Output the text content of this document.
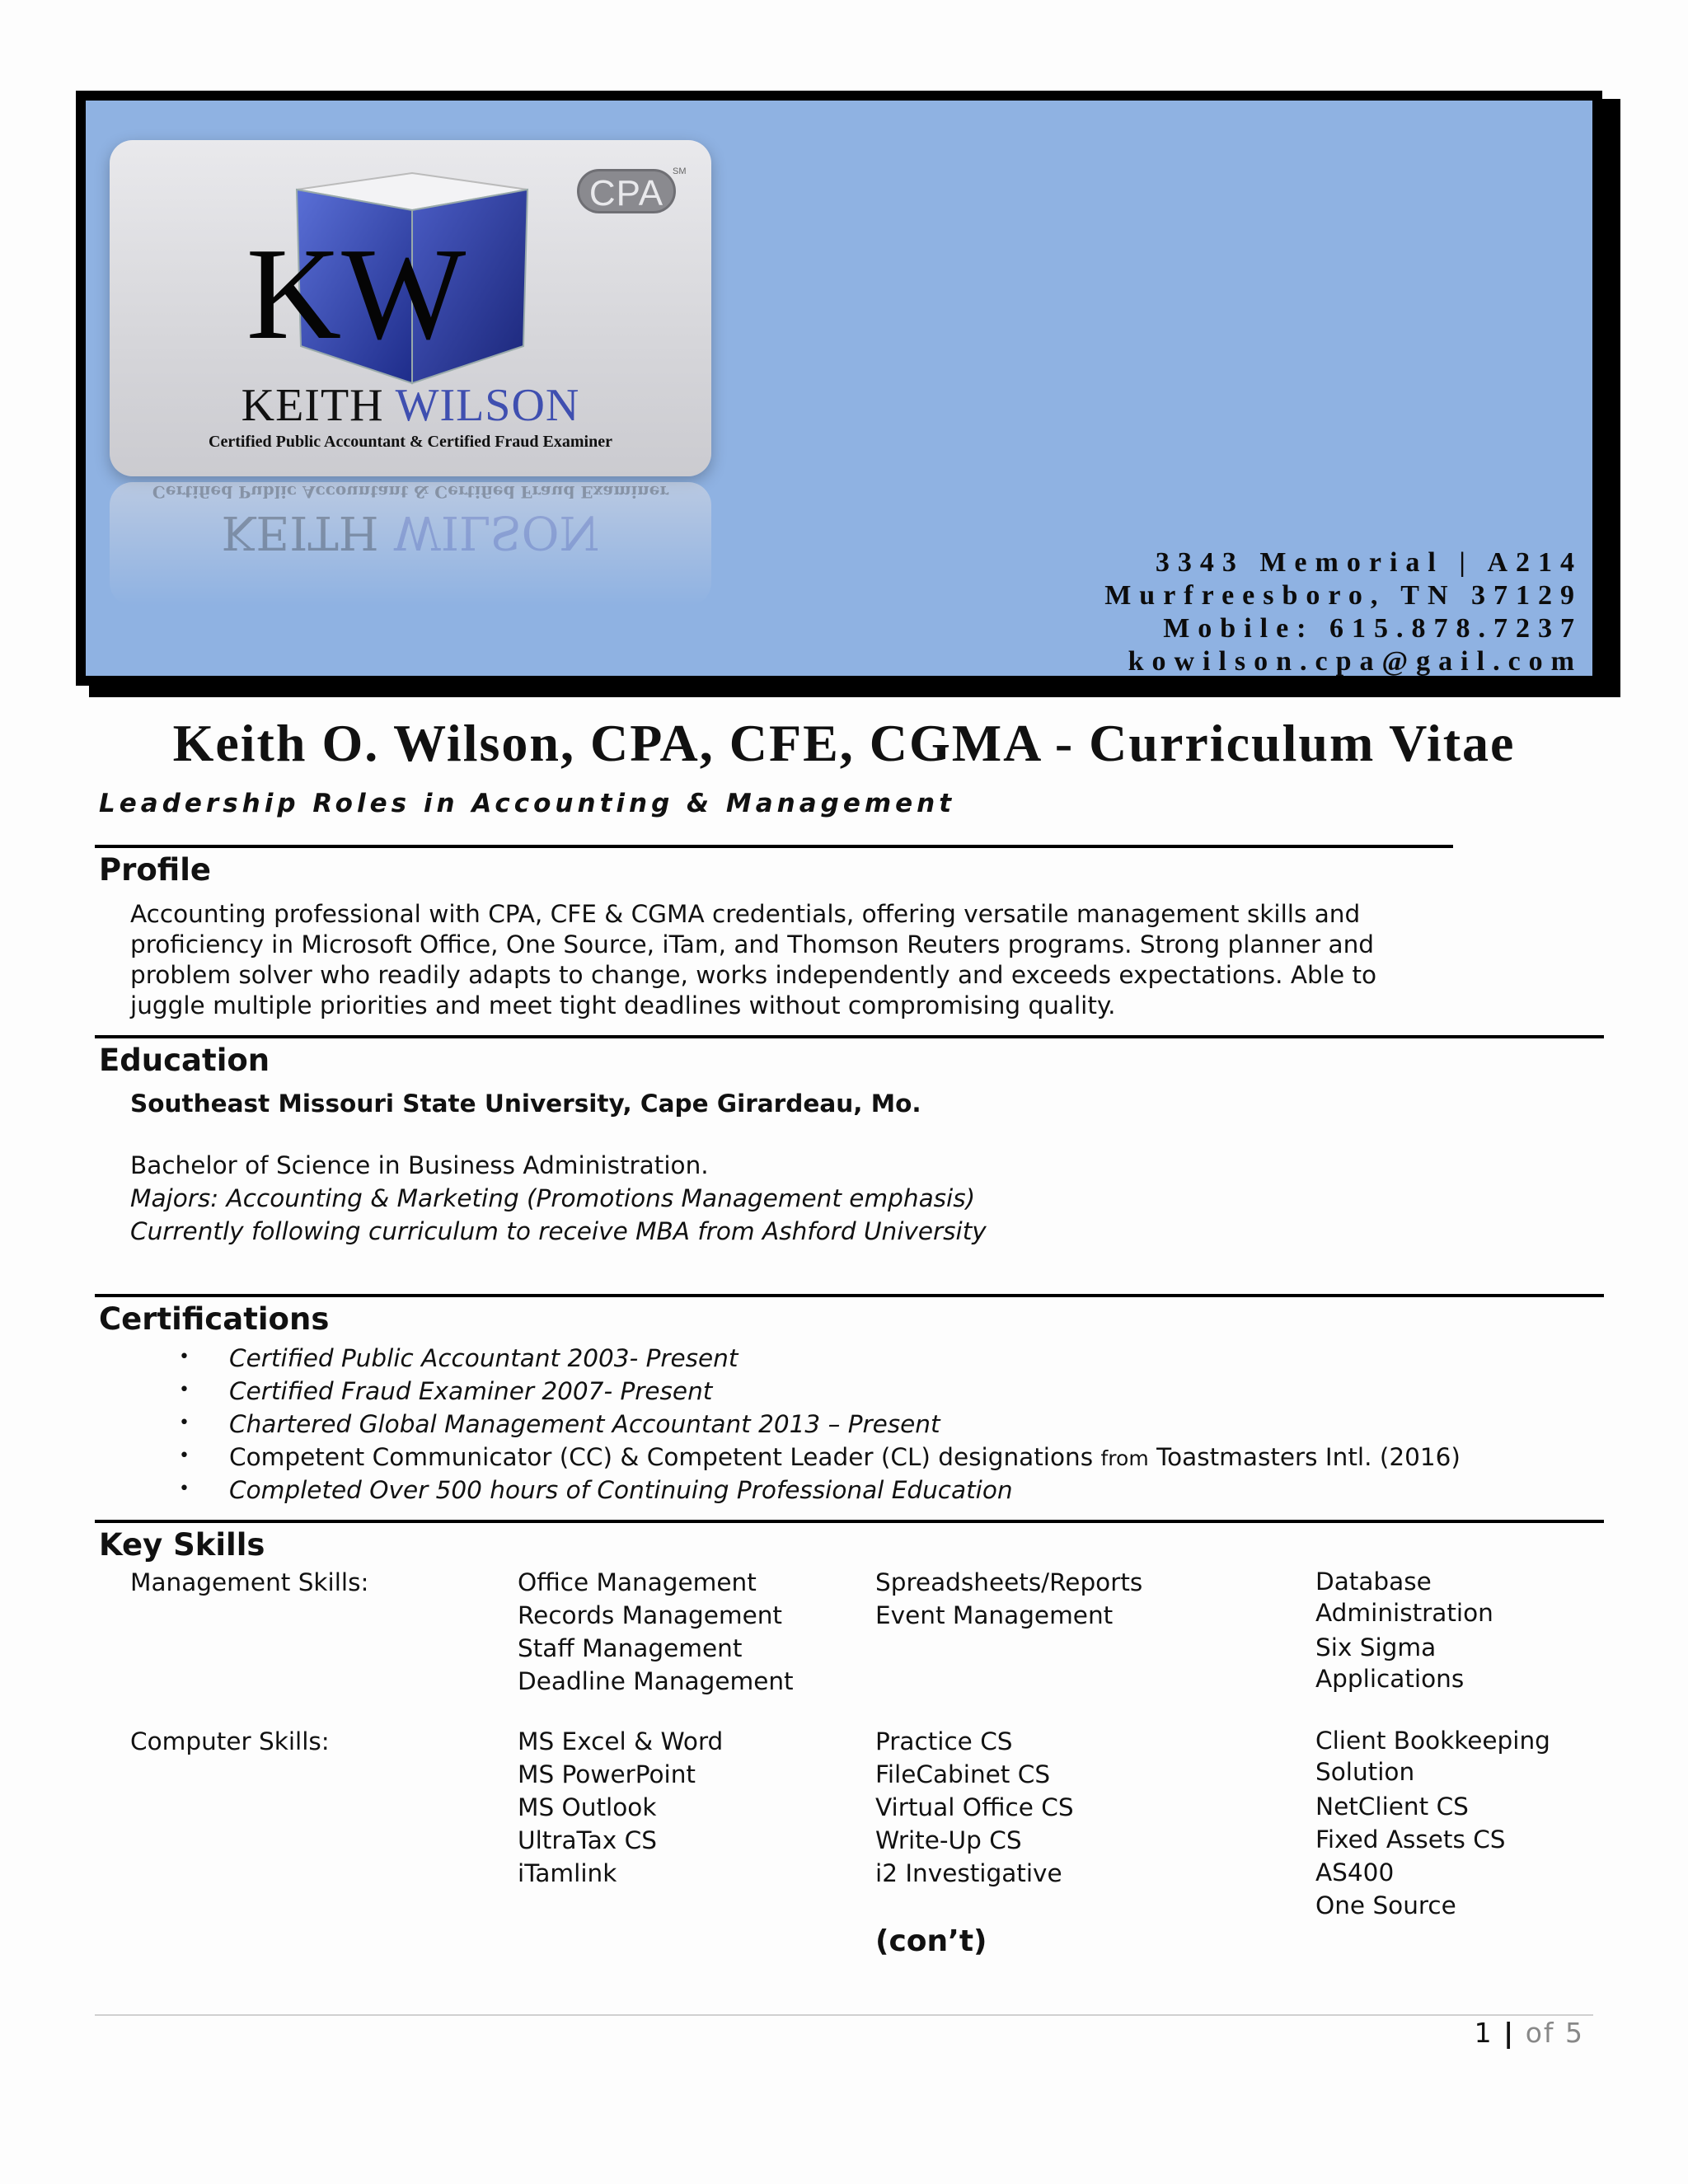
Certified Public Accountant & Certified Fraud Examiner
KEITH WILSON
KW
CPA
SM
KEITH WILSON
Certified Public Accountant & Certified Fraud Examiner
3343 Memorial | A214
Murfreesboro, TN 37129
Mobile: 615.878.7237
kowilson.cpa@gail.com
Keith O. Wilson, CPA, CFE, CGMA - Curriculum Vitae
Leadership Roles in Accounting & Management
Profile
Accounting professional with CPA, CFE & CGMA credentials, offering versatile management skills and
proficiency in Microsoft Office, One Source, iTam, and Thomson Reuters programs. Strong planner and
problem solver who readily adapts to change, works independently and exceeds expectations. Able to
juggle multiple priorities and meet tight deadlines without compromising quality.
Education
Southeast Missouri State University, Cape Girardeau, Mo.
Bachelor of Science in Business Administration.
Majors: Accounting & Marketing (Promotions Management emphasis)
Currently following curriculum to receive MBA from Ashford University
Certifications
• Certified Public Accountant 2003- Present
• Certified Fraud Examiner 2007- Present
• Chartered Global Management Accountant 2013 – Present
• Competent Communicator (CC) & Competent Leader (CL) designations from Toastmasters Intl. (2016)
• Completed Over 500 hours of Continuing Professional Education
Key Skills
Management Skills:	Office Management
Records Management
Staff Management
Deadline Management
Spreadsheets/Reports
Event Management
Database
Administration
Six Sigma
Applications
Computer Skills:	MS Excel & Word
MS PowerPoint
MS Outlook
UltraTax CS
iTamlink
Practice CS
FileCabinet CS
Virtual Office CS
Write-Up CS
i2 Investigative
Client Bookkeeping
Solution
NetClient CS
Fixed Assets CS
AS400
One Source
(con’t)
1 | of 5
